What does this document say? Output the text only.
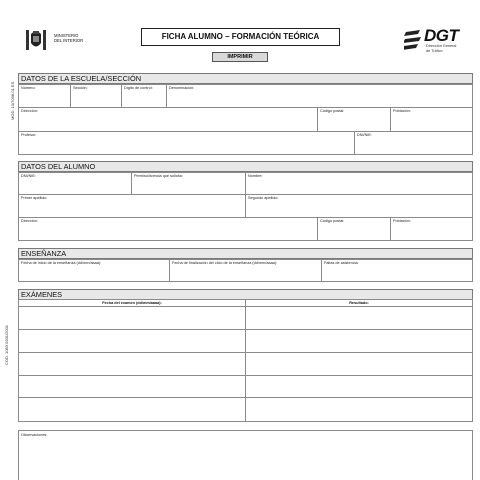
MINISTERIO
DEL INTERIOR	FICHA ALUMNO – FORMACIÓN TEÓRICA
IMPRIMIR
DGT
Dirección General
de Tráfico
MOD. 10/7098-01 ES
COD. 1083 0301/2001
DATOS DE LA ESCUELA/SECCIÓN
Número:	Sección:	Dígito de control:	Denominación:
Dirección:	Código postal:	Población:
Profesor:	DNI/NIE:
DATOS DEL ALUMNO
DNI/NIE:	Permiso/licencia que solicita:	Nombre:
Primer apellido:	Segundo apellido:
Dirección:	Código postal:	Población:
ENSEÑANZA
Fecha de inicio de la enseñanza (dd/mm/aaaa):	Fecha de finalización del ciclo de la enseñanza (dd/mm/aaaa):	Faltas de asistencia:
EXÁMENES
Fecha del examen (dd/mm/aaaa):	Resultado:
Observaciones:
